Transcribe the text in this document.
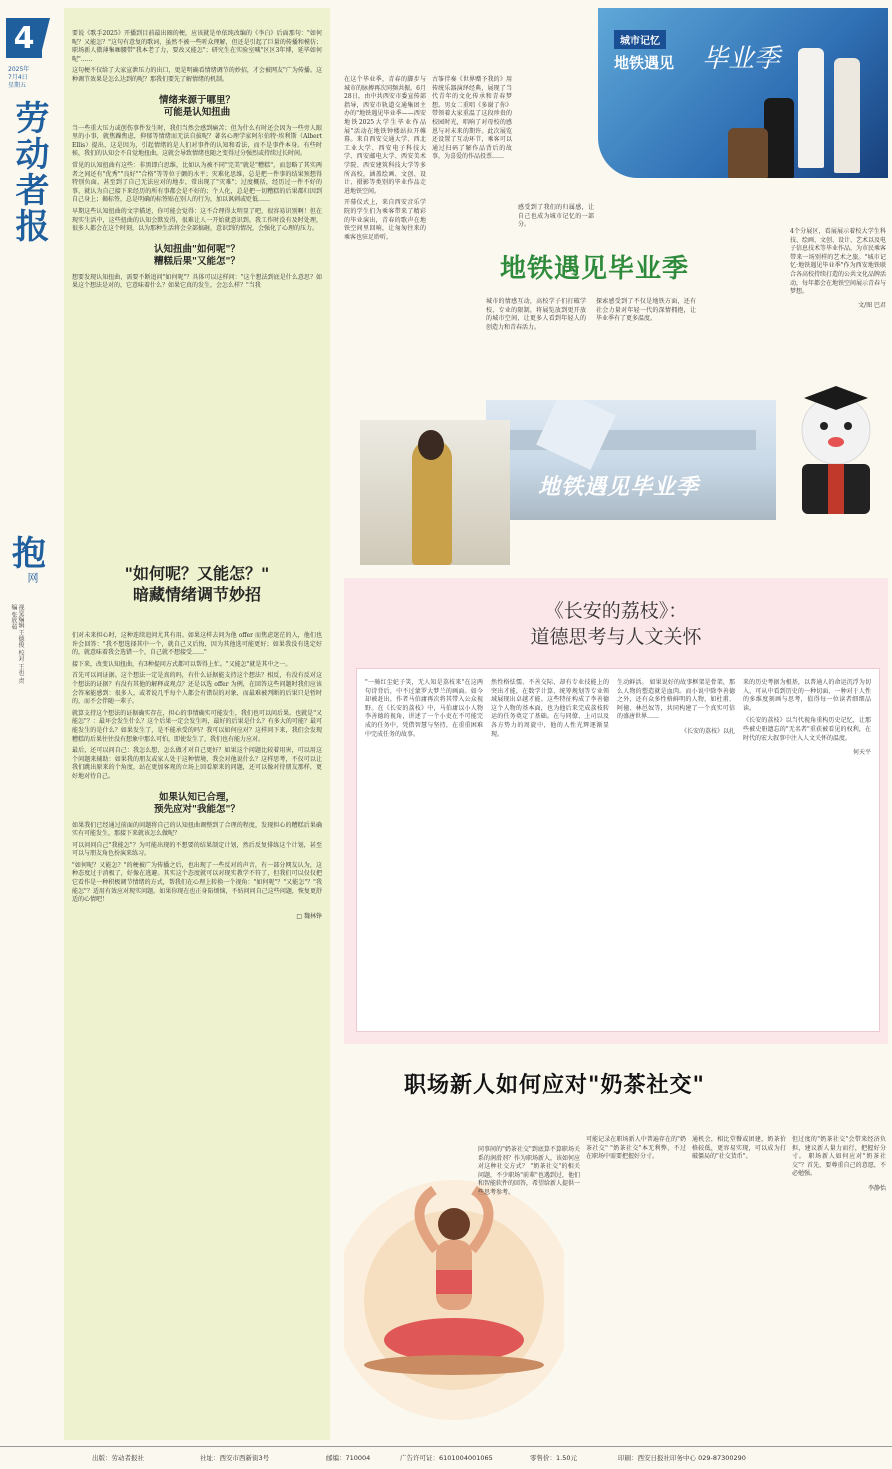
4
2025年
7月4日
星期五
劳动者报
抱
网
视觉编辑 王德俊 校对 王也 责编 张欣茹

要说《歌手2025》开播到目前最出圈的梗，应该就是单依纯改编的《李白》后面那句："如何呢？又能怎？"这句有意复的歌词，虽然不被一些听众理解，但还是引起了巨量的传播和模仿；职场新人微薄集咖腰带"我本老了力，要改又能怎"；研究生在实验室喊"区区3年博，延毕如何呢"……

这句梗不仅给了大家宣泄压力的出口，更是明确看情绪调节的妙招，才会被网友"广为传播。这种调节效果是怎么达到的呢？那我们要先了解情绪的机制。

情绪来源于哪里？
可能是认知扭曲

当一些重大压力或创伤事件发生时，我们当然会感到痛苦；但为什么有时还会因为一些旁人眼里的小事，就焦躁焦虑，抑郁等情绪而无法自拔呢？著名心理学家阿尔伯特·埃利斯（Albert Ellis）提出，这是因为，引起情绪的是人们对事件的认知和看法，而不是事件本身。有些时候，我们的认知会不自觉地扭曲，这就会导致情绪也随之变得过分强烈或持续过长时间。

常见的认知扭曲有这些：非黑即白思维，比如认为被不同"完美"就是"糟糕"，而忽略了其实两者之间还有"优秀""良好""合格"等等位于颤的水平；灾难化思维，总是把一件事的结果预想得特别负面，甚至到了自己无法应对的地步，常出现了"灾难"；过度概括，经历过一件不好的事，就认为自己接下来经历的所有事都会是不好的；个人化，总是把一切糟糕的后果都归因到自己身上；揭标签，总是明确的标签贴在别人的行为，加以讽刺或贬低……

早期这些认知扭曲的文字描述，你可能会觉得：这不合理得太明显了吧，很容易识别啊！但在现实生活中，这些扭曲的认知会默发得，很难让人一开始就意识到。我工作时没有及时处理，很多人都会在这个时刻，以为那种生活将会全部搞砸，意识到的情况，会强化了心理的压力。

认知扭曲"如何呢"？
糟糕后果"又能怎"？

想要发现认知扭曲，需要不断追问"如何呢"？具体可以这样问："这个想法到底是什么意思？如果这个想法是对的，它意味着什么？如果它真的发生，会怎么样？"当我

"如何呢？又能怎？"
暗藏情绪调节妙招

们对未来担心时，这种连续追问尤其有用。如果这样去问为他 offer 而焦虑迷茫的人，他们也许会回答："我不想选择其中一个，就自己又后悔，因为其他选可能更好；如果我没有选定好的，就意味着我会选错一个，自己就不想接受……"

接下来，改变认知扭曲，有3种提问方式都可以帮得上忙。"又能怎"就是其中之一。

首先可以问证据。这个想法一定是真的吗，有什么证据能支持这个想法？相反，有没有反对这个想法的证据？有没有其他的解释或观点？还是以选 offer 为例，在回答这些问题时我们应该会答案能感到：很多人，或者说几乎每个人都会有错误的对象，而最难被判断的后果只是暂时的，而不会伴随一辈子。

就算支持这个想法的证据确实存在，担心的事情确实可能发生，我们也可以问后果。也就是"又能怎"？：最坏会发生什么？这个后果一定会发生吗，最好的后果是什么？有多大的可能？最可能发生的是什么？如果发生了，是不能承受的吗？我可以如何应对？这样问下来，我们会发现糟糕的后果往往没有想象中那么可怕，即使发生了，我们也有能力应对。

最后，还可以问自己：我怎么想，怎么做才对自己更好？如果这个问题比较着用害，可以用这个问题来辅助：如果我的朋友或家人处于这种情境，我会对他说什么？这样思考，不仅可以让我们跳出原来的个角度，站在更加客观的立场上回看原来的问题，还可以像对待朋友那样，更好地对待自己。

如果认知已合理，
预先应对"我能怎"？

如果我们已经通过前面的问题将自己的认知扭曲调整到了合理的程度，发现担心的糟糕后果确实有可能发生，那接下来就该怎么做呢？

可以问问自己"我能怎"？为可能出现的不想要的结果制定计划，然后反复排练这个计划，甚至可以与朋友角色扮演来练习。

"如何呢？又能怎？"的梗被广为传播之后，也出现了一些反对的声音，有一部分网友认为，这种态度过于消极了，好像在逃避。其实这个态度就可以对现实教学不符了，但我们可以仅仅把它看作是一种积极调节情绪的方式，帮我们在心理上转换一个视角："如何呢"？"又能怎"？"我能怎"？适用有效应对现实问题。如果你现在也正身陷烦恼，不妨问问自己这些问题，恢复更舒适的心情吧！

□ 魏林铮
城市记忆
地铁遇见 毕业季

在这个毕业季，青春的脚步与城市的脉搏再次同频共振。6月28日，由中共西安市委宣传部指导，西安市轨道交通集团主办的"地铁遇见毕业季——西安地铁2025大学生毕业作品展"活动在地铁钟楼站拉开帷幕。来自西安交通大学、西北工业大学、西安电子科技大学、西安邮电大学、西安美术学院、西安建筑科技大学等多所高校，涵盖绘画、文创、设计、摄影等类别的毕业作品走进地铁空间。

开幕仪式上，来自西安音乐学院的学生们为乘客带来了精彩的毕业演出，青春的歌声在地铁空间里回响，让匆匆往来的乘客也驻足聆听。

古筝伴奏《世界赠予我的》用传统乐器演绎经典，展现了当代青年的文化传承和青春梦想。男女二重唱《多谢了你》带领着大家重温了这段珍贵的校园时光，唱响了对母校的感恩与对未来的期许。此次展览还设置了互动环节，乘客可以通过扫码了解作品背后的故事，为喜爱的作品投票……

感受到了我们的归属感，让自己也成为城市记忆的一部分。

地铁遇见毕业季

城市的情感互动，高校学子们打破学校、专业的限制，将展览放到更开放的城市空间，让更多人看到年轻人的创造力和青春活力。

探索感受到了不仅是地铁方面，还有社会力量对年轻一代的深情拥抱，让毕业季有了更多温度。

4个分展区，看展展示着校大学生科技、绘画、文创、设计、艺术以及电子信息技术等毕业作品，为市民乘客带来一场别样的艺术之旅。"城市记忆·地铁遇见毕业季"作为西安地铁联合各高校持续打造的公共文化品牌活动，每年都会在地铁空间展示青春与梦想。

文/图 巴君
地铁遇见毕业季
《长安的荔枝》：
道德思考与人文关怀

"一骑红尘妃子笑，无人知是荔枝来"在这两句诗背后，中不过蒙罗大梦兰的画面。如今却被赶出，作者马伯庸再次将其带入公众视野。在《长安的荔枝》中，马伯庸以小人物李善德的视角，讲述了一个小吏在不可能完成的任务中，凭借智慧与坚持，在重重困难中完成任务的故事。

然性格怯懦、不善交际，却有专业技能上的突出才能，在数学计算、统筹规划等专业领域展现出卓越才能。这些特征构成了李善德这个人物的基本面，也为他后来完成荔枝转运的任务奠定了基础。在与同僚、上司以及各方势力的周旋中，他的人性光辉逐渐显现。

生动鲜活。 如果说好的故事框架是骨架，那么人物的塑造就是血肉。而小说中除李善德之外，还有众多性格鲜明的人物，如杜甫、阿僮、林邑奴等，共同构建了一个真实可信的盛唐世界……

《长安的荔枝》以扎

来的历史考据为根基，以普通人的命运沉浮为切入，可从中看到历史的一种切面、一种对于人性的多维度刻画与思考，值得每一位读者细细品读。

《长安的荔枝》以当代视角重构历史记忆，让那些被史册遗忘的"无名者"重获被看见的权利，在时代的宏大叙事中注入人文关怀的温度。

何天平
职场新人如何应对"奶茶社交"

同事间的"奶茶社交"到底算不算职场关系的润滑剂？作为职场新人，该如何应对这种社交方式？ "奶茶社交"的相关问题，不少职场"前辈"也遇到过，他们和智能软件的回答，希望给新人提供一些思考参考。

可能记录在职场新人中普遍存在的"奶茶社交" "奶茶社交"本无利弊，不过在职场中需要把握好分寸。

通机会，相比堂餐或团建，奶茶价格较低，更容易实现，可以成为打破僵局的"社交货币"。

但过度的"奶茶社交"会带来经济负担，建议新人量力而行，把握好分寸。 职场新人如何应对"奶茶社交"？首先，要尊重自己的意愿，不必勉强。

李静怡
出版：劳动者报社	社址：西安市西新街3号	邮编：710004	广告许可证：6101004001065	零售价：1.50元	印刷：西安日报社印务中心 029-87300290
